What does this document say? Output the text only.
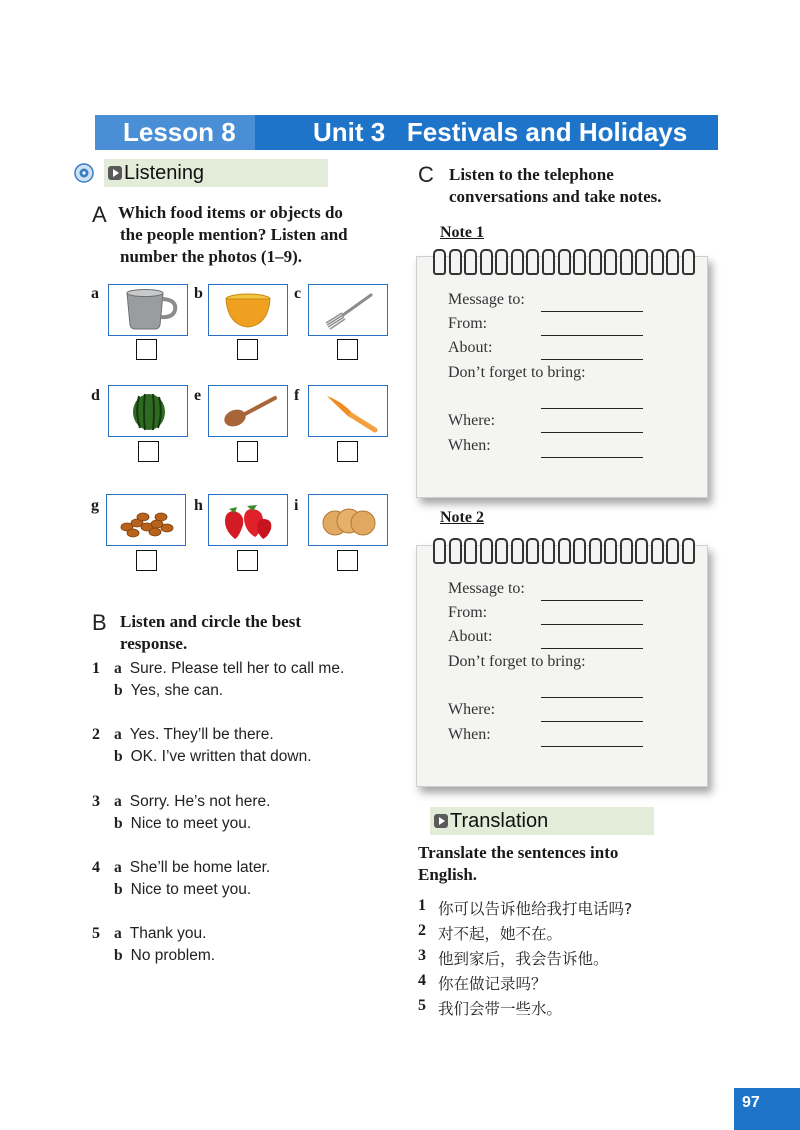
Lesson 8	Unit 3   Festivals and Holidays
Listening
A Which food items or objects do
the people mention? Listen and
number the photos (1–9).
a	b	c
d	e	f
g	h	i
B Listen and circle the best
response.
1 a Sure. Please tell her to call me.
b Yes, she can.
2 a Yes. They’ll be there.
b OK. I’ve written that down.
3 a Sorry. He’s not here.
b Nice to meet you.
4 a She’ll be home later.
b Nice to meet you.
5 a Thank you.
b No problem.
C Listen to the telephone
conversations and take notes.
Note 1
Message to:
From:
About:
Don’t forget to bring:
Where:
When:
Note 2
Message to:
From:
About:
Don’t forget to bring:
Where:
When:
Translation
Translate the sentences into
English.
1 你可以告诉他给我打电话吗?
2 对不起，她不在。
3 他到家后，我会告诉他。
4 你在做记录吗？
5 我们会带一些水。
97
